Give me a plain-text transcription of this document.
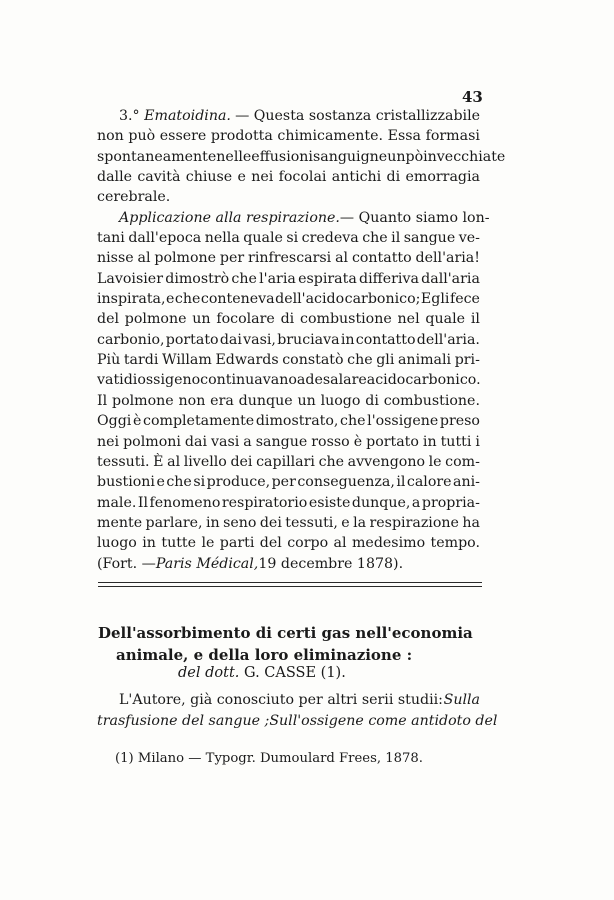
43
3.° Ematoidina. — Questa sostanza cristallizzabile
non può essere prodotta chimicamente. Essa formasi
spontaneamente nelle effusioni sanguigne un pò invecchiate
dalle cavità chiuse e nei focolai antichi di emorragia
cerebrale.
Applicazione alla respirazione. — Quanto siamo lon-
tani dall'epoca nella quale si credeva che il sangue ve-
nisse al polmone per rinfrescarsi al contatto dell'aria!
Lavoisier dimostrò che l'aria espirata differiva dall'aria
inspirata, e che conteneva dell'acido carbonico; Egli fece
del polmone un focolare di combustione nel quale il
carbonio, portato dai vasi, bruciava in contatto dell'aria.
Più tardi Willam Edwards constatò che gli animali pri-
vati di ossigeno continuavano ad esalare acido carbonico.
Il polmone non era dunque un luogo di combustione.
Oggi è completamente dimostrato, che l'ossigene preso
nei polmoni dai vasi a sangue rosso è portato in tutti i
tessuti. È al livello dei capillari che avvengono le com-
bustioni e che si produce, per conseguenza, il calore ani-
male. Il fenomeno respiratorio esiste dunque, a propria-
mente parlare, in seno dei tessuti, e la respirazione ha
luogo in tutte le parti del corpo al medesimo tempo.
(Fort. — Paris Médical, 19 decembre 1878).
Dell'assorbimento di certi gas nell'economia
animale, e della loro eliminazione :
del dott. G. CASSE (1).
L'Autore, già conosciuto per altri serii studii: Sulla
trasfusione del sangue ; Sull'ossigene come antidoto del
(1) Milano — Typogr. Dumoulard Frees, 1878.
